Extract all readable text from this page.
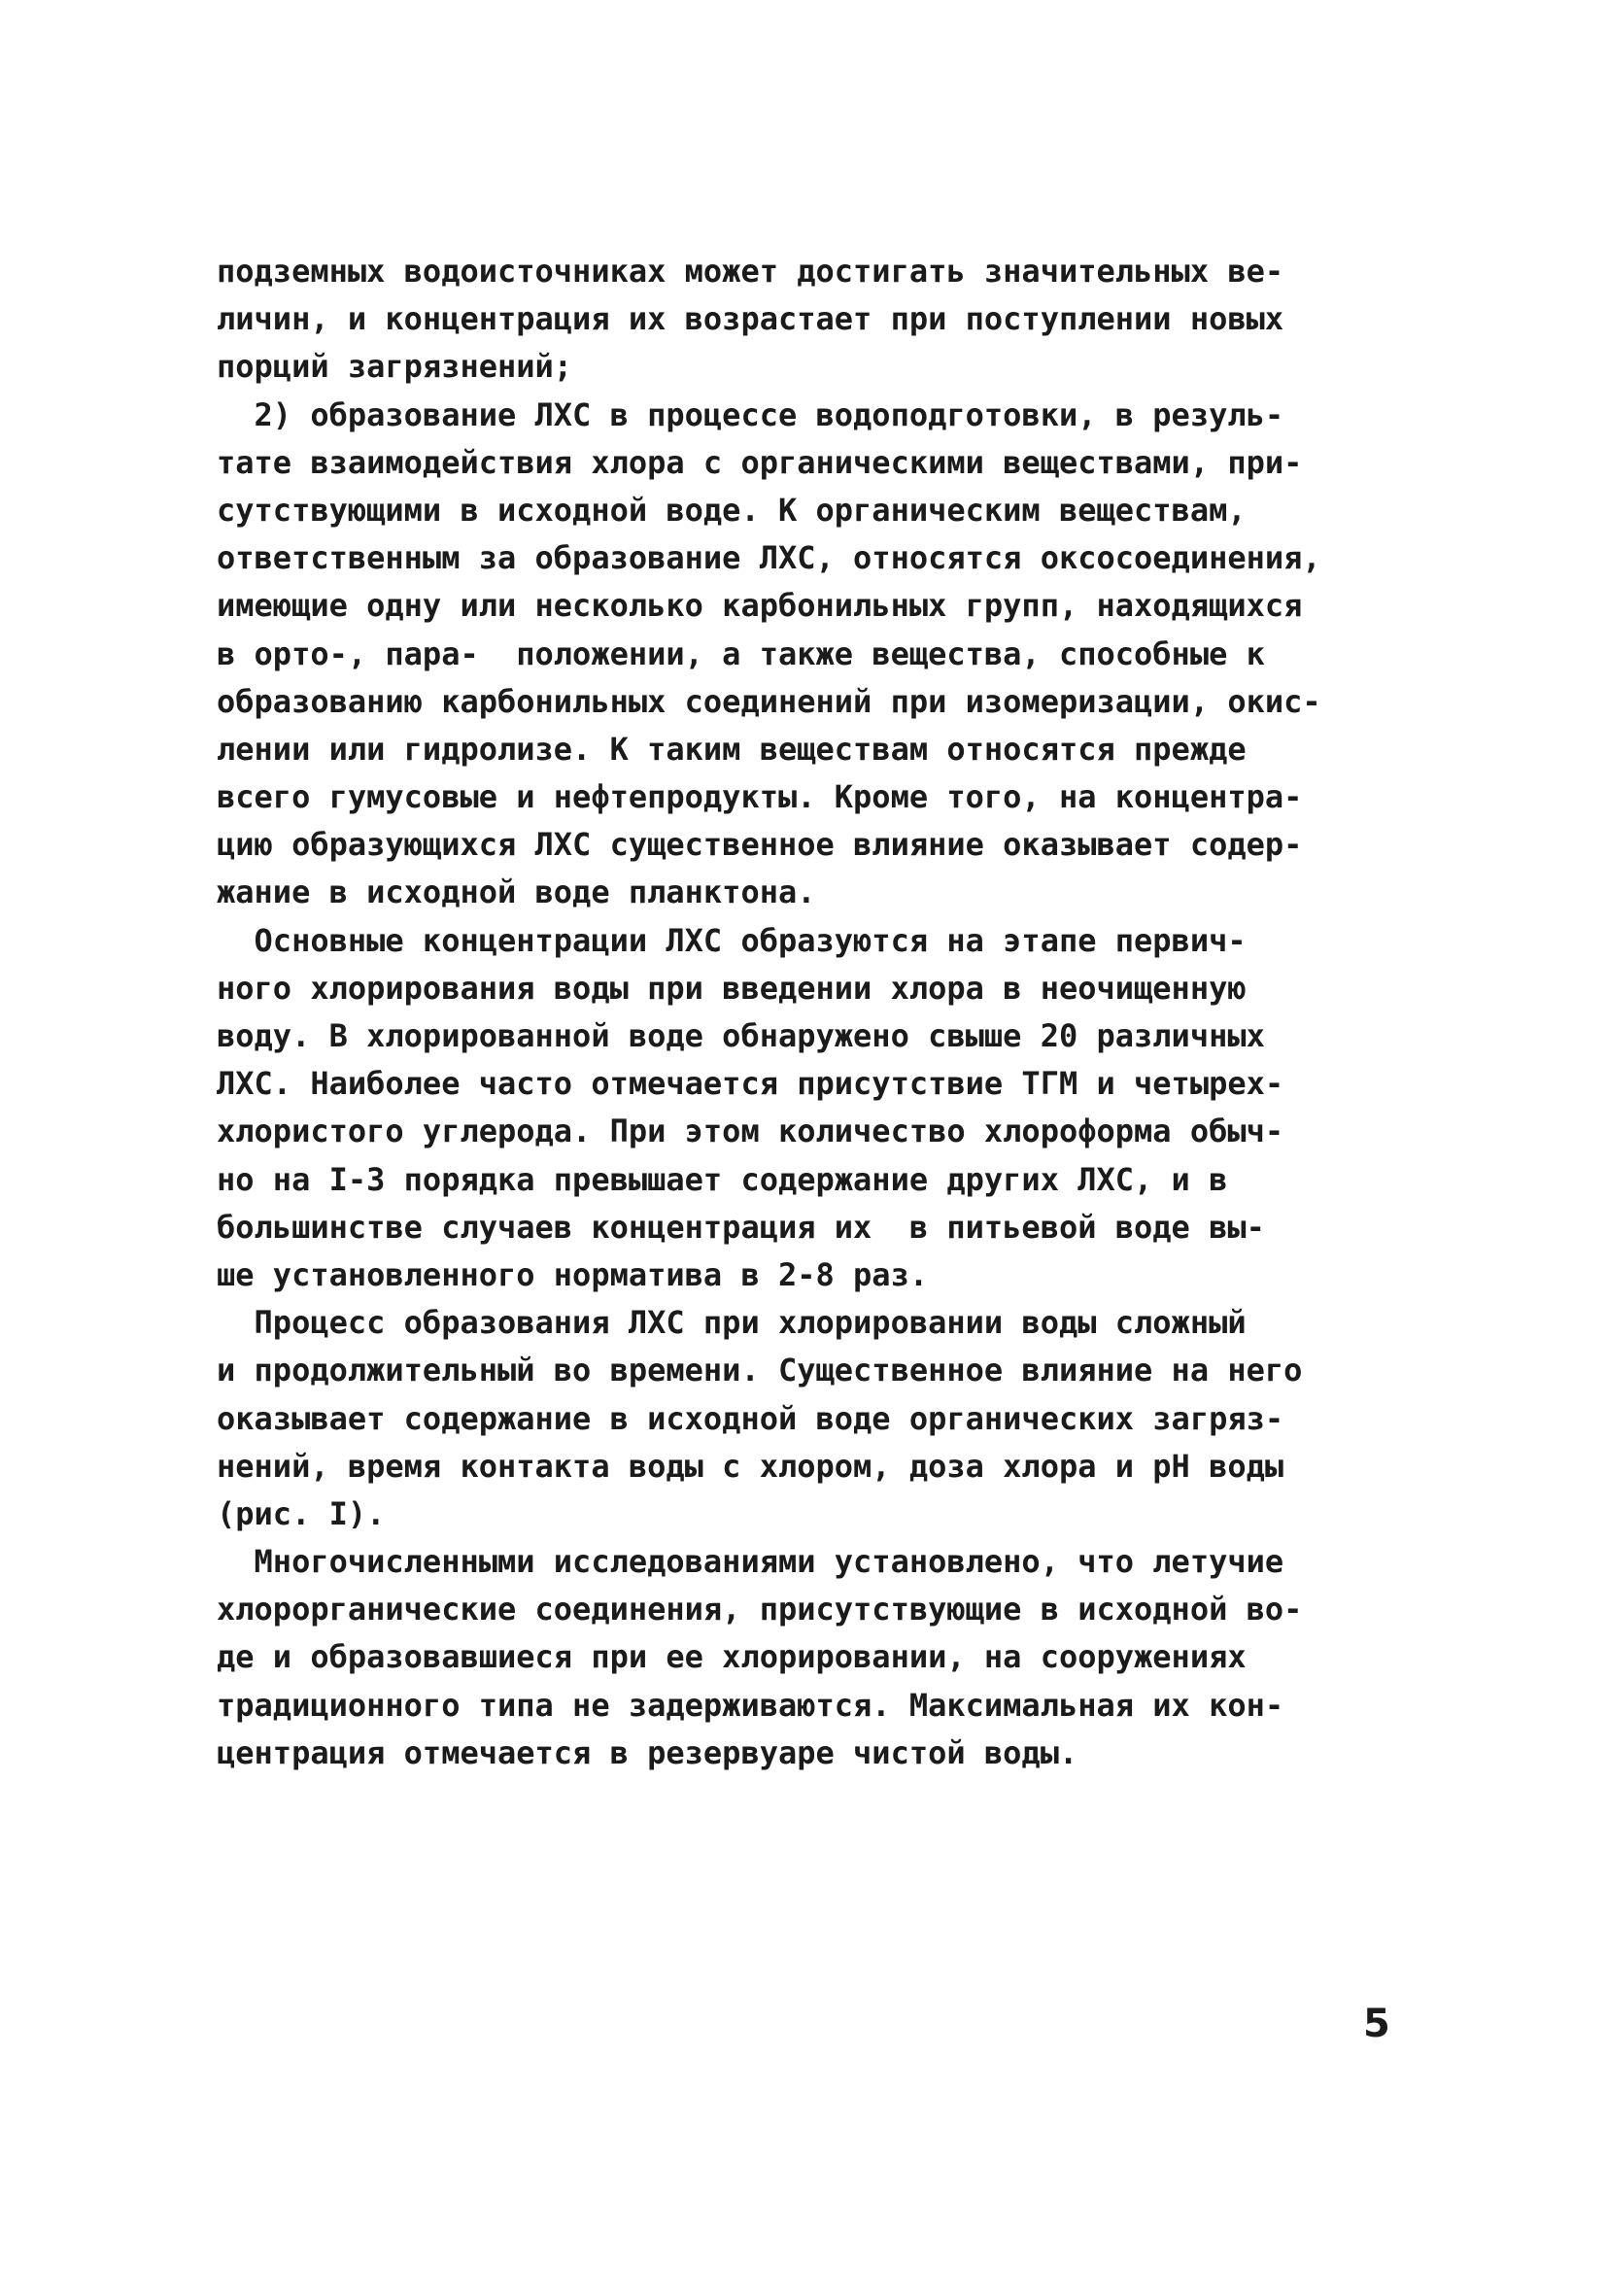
подземных водоисточниках может достигать значительных ве-
личин, и концентрация их возрастает при поступлении новых
порций загрязнений;
2) образование ЛХС в процессе водоподготовки, в резуль-
тате взаимодействия хлора с органическими веществами, при-
сутствующими в исходной воде. К органическим веществам,
ответственным за образование ЛХС, относятся оксосоединения,
имеющие одну или несколько карбонильных групп, находящихся
в орто-, пара-  положении, а также вещества, способные к
образованию карбонильных соединений при изомеризации, окис-
лении или гидролизе. К таким веществам относятся прежде
всего гумусовые и нефтепродукты. Кроме того, на концентра-
цию образующихся ЛХС существенное влияние оказывает содер-
жание в исходной воде планктона.
Основные концентрации ЛХС образуются на этапе первич-
ного хлорирования воды при введении хлора в неочищенную
воду. В хлорированной воде обнаружено свыше 20 различных
ЛХС. Наиболее часто отмечается присутствие ТГМ и четырех-
хлористого углерода. При этом количество хлороформа обыч-
но на I-3 порядка превышает содержание других ЛХС, и в
большинстве случаев концентрация их  в питьевой воде вы-
ше установленного норматива в 2-8 раз.
Процесс образования ЛХС при хлорировании воды сложный
и продолжительный во времени. Существенное влияние на него
оказывает содержание в исходной воде органических загряз-
нений, время контакта воды с хлором, доза хлора и pH воды
(рис. I).
Многочисленными исследованиями установлено, что летучие
хлорорганические соединения, присутствующие в исходной во-
де и образовавшиеся при ее хлорировании, на сооружениях
традиционного типа не задерживаются. Максимальная их кон-
центрация отмечается в резервуаре чистой воды.
5
